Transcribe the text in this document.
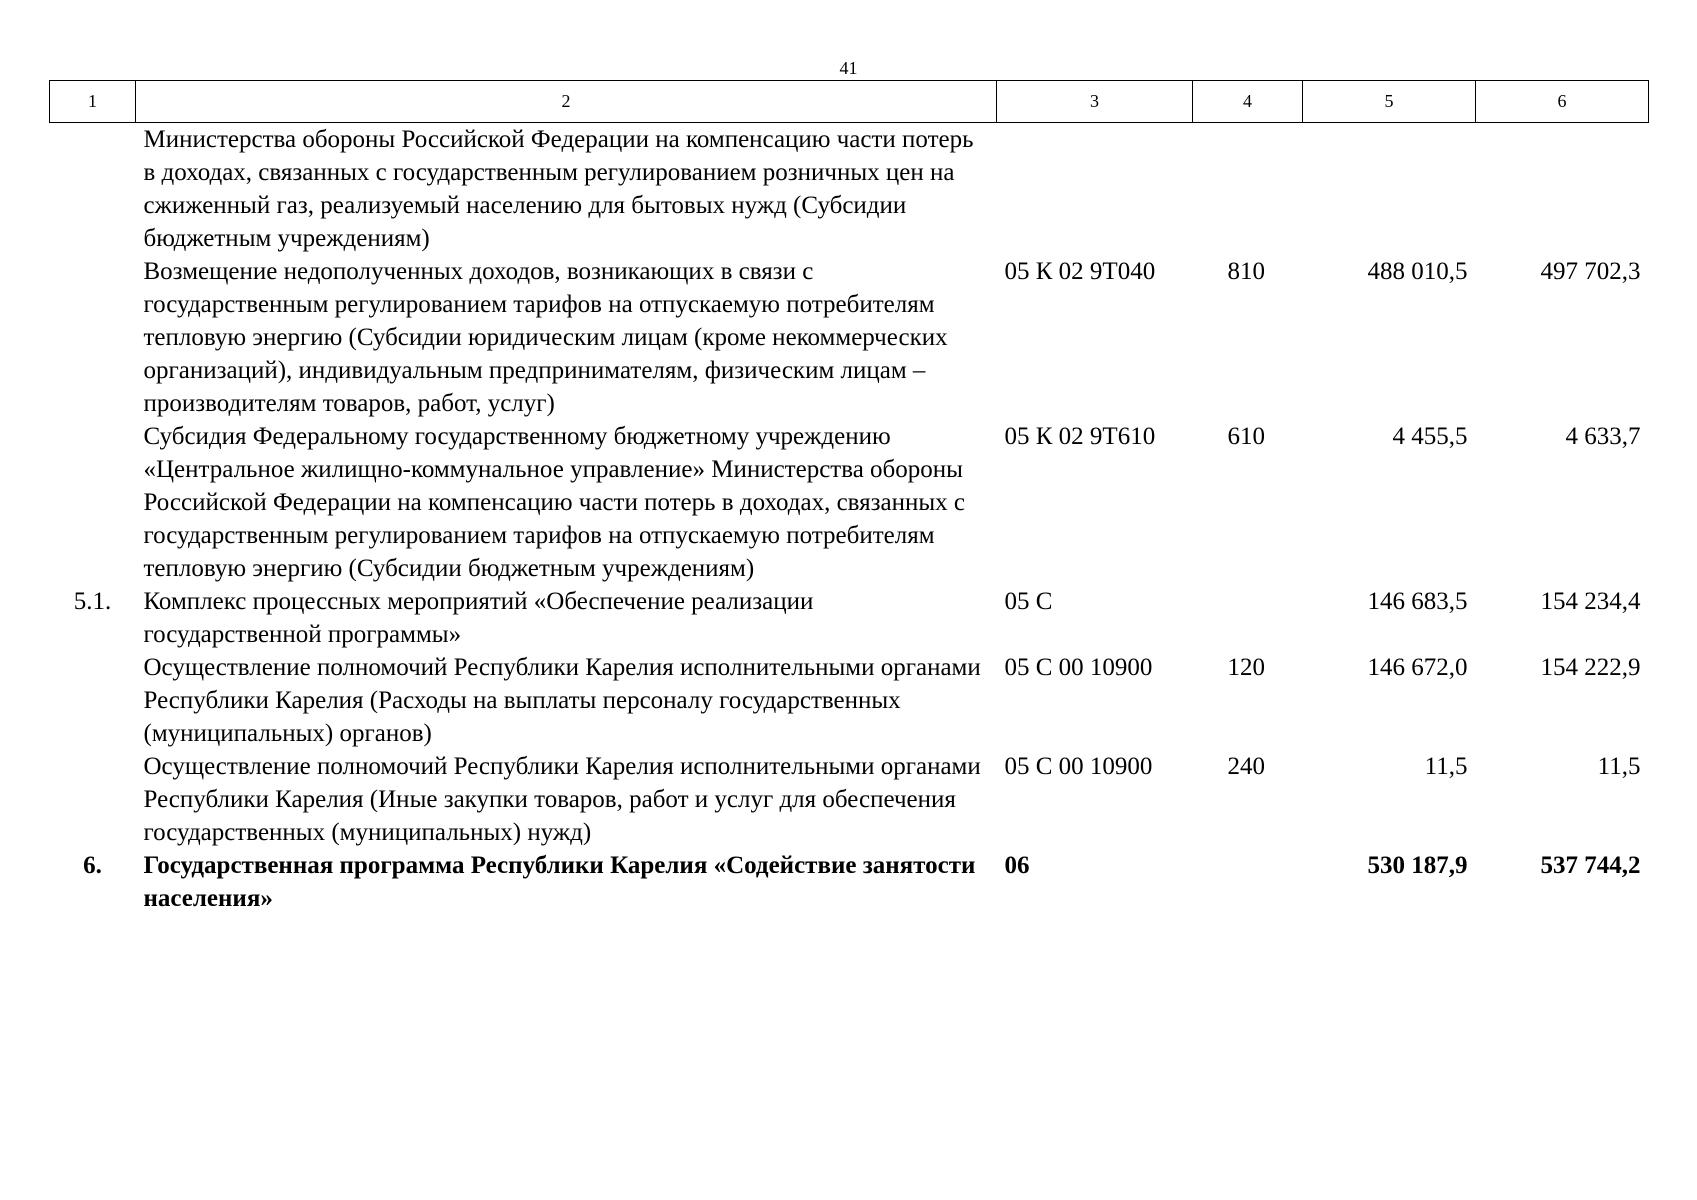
41
1	2	3	4	5	6
	Министерства обороны Российской Федерации на компенсацию части потерь в доходах, связанных с государственным регулированием розничных цен на сжиженный газ, реализуемый населению для бытовых нужд (Субсидии бюджетным учреждениям)				
	Возмещение недополученных доходов, возникающих в связи с государственным регулированием тарифов на отпускаемую потребителям тепловую энергию (Субсидии юридическим лицам (кроме некоммерческих организаций), индивидуальным предпринимателям, физическим лицам – производителям товаров, работ, услуг)	05 К 02 9Т040	810	488 010,5	497 702,3
	Субсидия Федеральному государственному бюджетному учреждению «Центральное жилищно-коммунальное управление» Министерства обороны Российской Федерации на компенсацию части потерь в доходах, связанных с государственным регулированием тарифов на отпускаемую потребителям тепловую энергию (Субсидии бюджетным учреждениям)	05 К 02 9Т610	610	4 455,5	4 633,7
5.1.	Комплекс процессных мероприятий «Обеспечение реализации государственной программы»	05 С		146 683,5	154 234,4
	Осуществление полномочий Республики Карелия исполнительными органами Республики Карелия (Расходы на выплаты персоналу государственных (муниципальных) органов)	05 С 00 10900	120	146 672,0	154 222,9
	Осуществление полномочий Республики Карелия исполнительными органами Республики Карелия (Иные закупки товаров, работ и услуг для обеспечения государственных (муниципальных) нужд)	05 С 00 10900	240	11,5	11,5
6.	Государственная программа Республики Карелия «Содействие занятости населения»	06		530 187,9	537 744,2
